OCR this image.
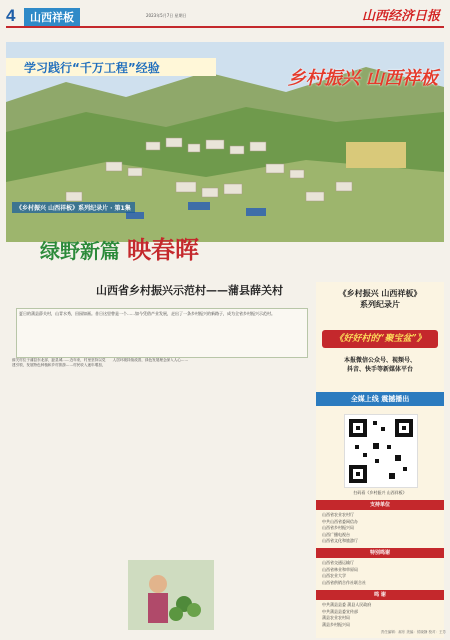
4	山西祥板	2023年5月7日 星期日	山西经济日报
学习践行“千万工程”经验	乡村振兴 山西祥板
《乡村振兴 山西祥板》系列纪录片 · 第1集
绿野新篇 映春晖
山西省乡村振兴示范村——蒲县薛关村
夏日的蒲县薛关村，山青水秀，田园如画。昔日这里曾是一个……如今凭借产业发展，走出了一条乡村振兴的新路子，成为全省乡村振兴示范村。
薛关村位于蒲县东北部，距县城……近年来，村里坚持以党建引领，发展特色种植和乡村旅游……村民收入逐年增加，人居环境持续改善，绿色发展理念深入人心……
《乡村振兴 山西祥板》
系列纪录片
《好好村的“聚宝盆”》
本报微信公众号、视频号、
抖音、快手等新媒体平台
全媒上线 震撼播出
扫码看《乡村振兴 山西祥板》
支持单位
山西省农业农村厅
中共山西省委网信办
山西省乡村振兴局
山西广播电视台
山西省文化和旅游厅
特别鸣谢
山西省交通运输厅
山西省林业和草原局
山西农业大学
山西省供销合作社联合社
鸣 谢
中共蒲县县委 蒲县人民政府
中共蒲县县委宣传部
蒲县农业农村局
蒲县乡村振兴局
责任编辑：郝东 美编：侯晓静 校对：王芳
